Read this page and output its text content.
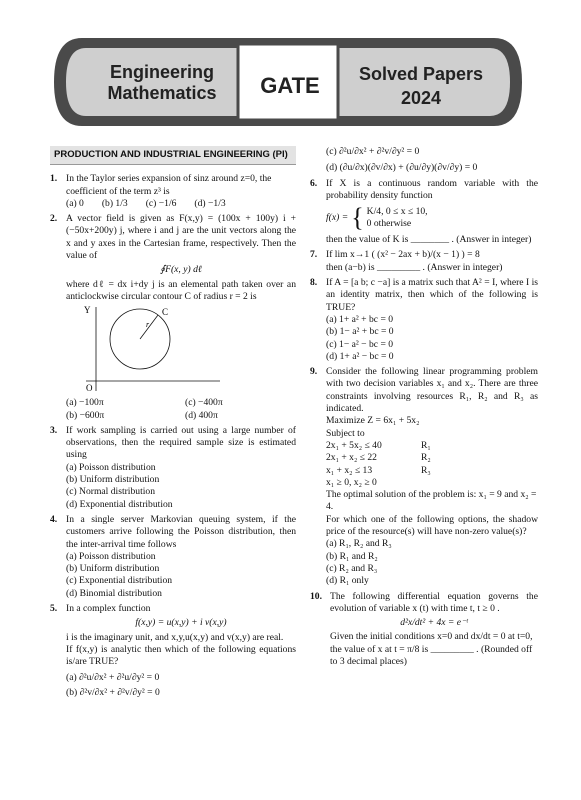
Engineering
Mathematics	GATE	Solved Papers
2024
PRODUCTION AND INDUSTRIAL ENGINEERING (PI)
1. In the Taylor series expansion of sinz around z=0, the coefficient of the term z³ is
(a) 0 (b) 1/3 (c) −1/6 (d) −1/3
2. A vector field is given as F(x,y) = (100x + 100y) i + (−50x+200y) j, where i and j are the unit vectors along the x and y axes in the Cartesian frame, respectively. Then the value of
∮F(x, y) dℓ
where dℓ = dx i+dy j is an elemental path taken over an anticlockwise circular contour C of radius r = 2 is
Y	C
r
O
(a) −100π	(c) −400π
(b) −600π	(d) 400π
3. If work sampling is carried out using a large number of observations, then the required sample size is estimated using
(a) Poisson distribution
(b) Uniform distribution
(c) Normal distribution
(d) Exponential distribution
4. In a single server Markovian queuing system, if the customers arrive following the Poisson distribution, then the inter-arrival time follows
(a) Poisson distribution
(b) Uniform distribution
(c) Exponential distribution
(d) Binomial distribution
5. In a complex function
f(x,y) = u(x,y) + i v(x,y)
i is the imaginary unit, and x,y,u(x,y) and v(x,y) are real.
If f(x,y) is analytic then which of the following equations is/are TRUE?
(a) ∂²u/∂x² + ∂²u/∂y² = 0
(b) ∂²v/∂x² + ∂²v/∂y² = 0
(c) ∂²u/∂x² + ∂²v/∂y² = 0
(d) (∂u/∂x)(∂v/∂x) + (∂u/∂y)(∂v/∂y) = 0
6. If X is a continuous random variable with the probability density function
f(x) = { K/4, 0 ≤ x ≤ 10,
0 otherwise
then the value of K is ________ . (Answer in integer)
7. If lim x→1 ( (x² − 2ax + b)/(x − 1) ) = 8
then (a−b) is _________ . (Answer in integer)
8. If A = [a b; c −a] is a matrix such that A² = I, where I is an identity matrix, then which of the following is TRUE?
(a) 1+ a² + bc = 0
(b) 1− a² + bc = 0
(c) 1− a² − bc = 0
(d) 1+ a² − bc = 0
9. Consider the following linear programming problem with two decision variables x₁ and x₂. There are three constraints involving resources R₁, R₂ and R₃ as indicated.
Maximize Z = 6x₁ + 5x₂
Subject to
2x₁ + 5x₂ ≤ 40	R₁
2x₁ + x₂ ≤ 22	R₂
x₁ + x₂ ≤ 13	R₃
x₁ ≥ 0, x₂ ≥ 0
The optimal solution of the problem is: x₁ = 9 and x₂ = 4.
For which one of the following options, the shadow price of the resource(s) will have non-zero value(s)?
(a) R₁, R₂ and R₃
(b) R₁ and R₂
(c) R₂ and R₃
(d) R₁ only
10. The following differential equation governs the evolution of variable x (t) with time t, t ≥ 0 .
d²x/dt² + 4x = e⁻ᵗ
Given the initial conditions x=0 and dx/dt = 0 at t=0,
the value of x at t = π/8 is _________ . (Rounded off to 3 decimal places)
